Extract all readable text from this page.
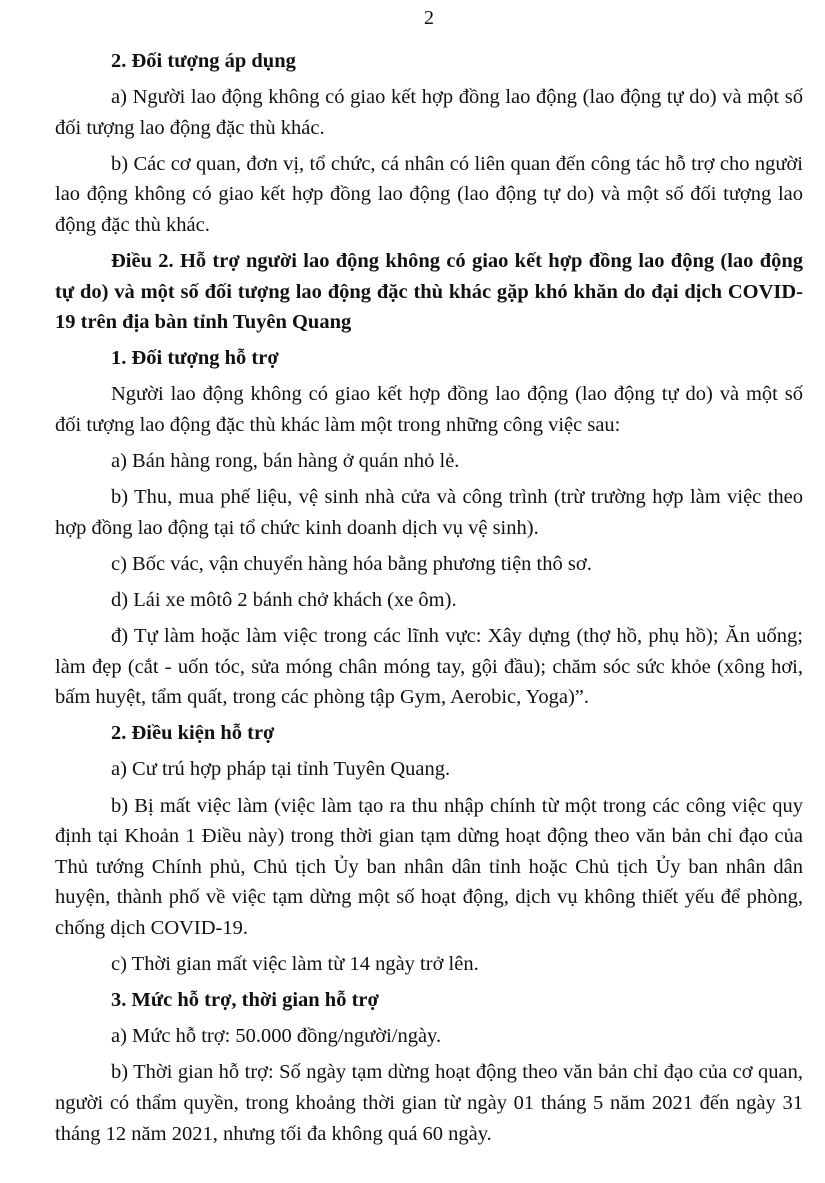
2

2. Đối tượng áp dụng

a) Người lao động không có giao kết hợp đồng lao động (lao động tự do) và một số đối tượng lao động đặc thù khác.

b) Các cơ quan, đơn vị, tổ chức, cá nhân có liên quan đến công tác hỗ trợ cho người lao động không có giao kết hợp đồng lao động (lao động tự do) và một số đối tượng lao động đặc thù khác.

Điều 2. Hỗ trợ người lao động không có giao kết hợp đồng lao động (lao động tự do) và một số đối tượng lao động đặc thù khác gặp khó khăn do đại dịch COVID-19 trên địa bàn tỉnh Tuyên Quang

1. Đối tượng hỗ trợ

Người lao động không có giao kết hợp đồng lao động (lao động tự do) và một số đối tượng lao động đặc thù khác làm một trong những công việc sau:

a) Bán hàng rong, bán hàng ở quán nhỏ lẻ.

b) Thu, mua phế liệu, vệ sinh nhà cửa và công trình (trừ trường hợp làm việc theo hợp đồng lao động tại tổ chức kinh doanh dịch vụ vệ sinh).

c) Bốc vác, vận chuyển hàng hóa bằng phương tiện thô sơ.

d) Lái xe môtô 2 bánh chở khách (xe ôm).

đ) Tự làm hoặc làm việc trong các lĩnh vực: Xây dựng (thợ hồ, phụ hồ); Ăn uống; làm đẹp (cắt - uốn tóc, sửa móng chân móng tay, gội đầu); chăm sóc sức khỏe (xông hơi, bấm huyệt, tẩm quất, trong các phòng tập Gym, Aerobic, Yoga)”.

2. Điều kiện hỗ trợ

a) Cư trú hợp pháp tại tỉnh Tuyên Quang.

b) Bị mất việc làm (việc làm tạo ra thu nhập chính từ một trong các công việc quy định tại Khoản 1 Điều này) trong thời gian tạm dừng hoạt động theo văn bản chỉ đạo của Thủ tướng Chính phủ, Chủ tịch Ủy ban nhân dân tỉnh hoặc Chủ tịch Ủy ban nhân dân huyện, thành phố về việc tạm dừng một số hoạt động, dịch vụ không thiết yếu để phòng, chống dịch COVID-19.

c) Thời gian mất việc làm từ 14 ngày trở lên.

3. Mức hỗ trợ, thời gian hỗ trợ

a) Mức hỗ trợ: 50.000 đồng/người/ngày.

b) Thời gian hỗ trợ: Số ngày tạm dừng hoạt động theo văn bản chỉ đạo của cơ quan, người có thẩm quyền, trong khoảng thời gian từ ngày 01 tháng 5 năm 2021 đến ngày 31 tháng 12 năm 2021, nhưng tối đa không quá 60 ngày.
